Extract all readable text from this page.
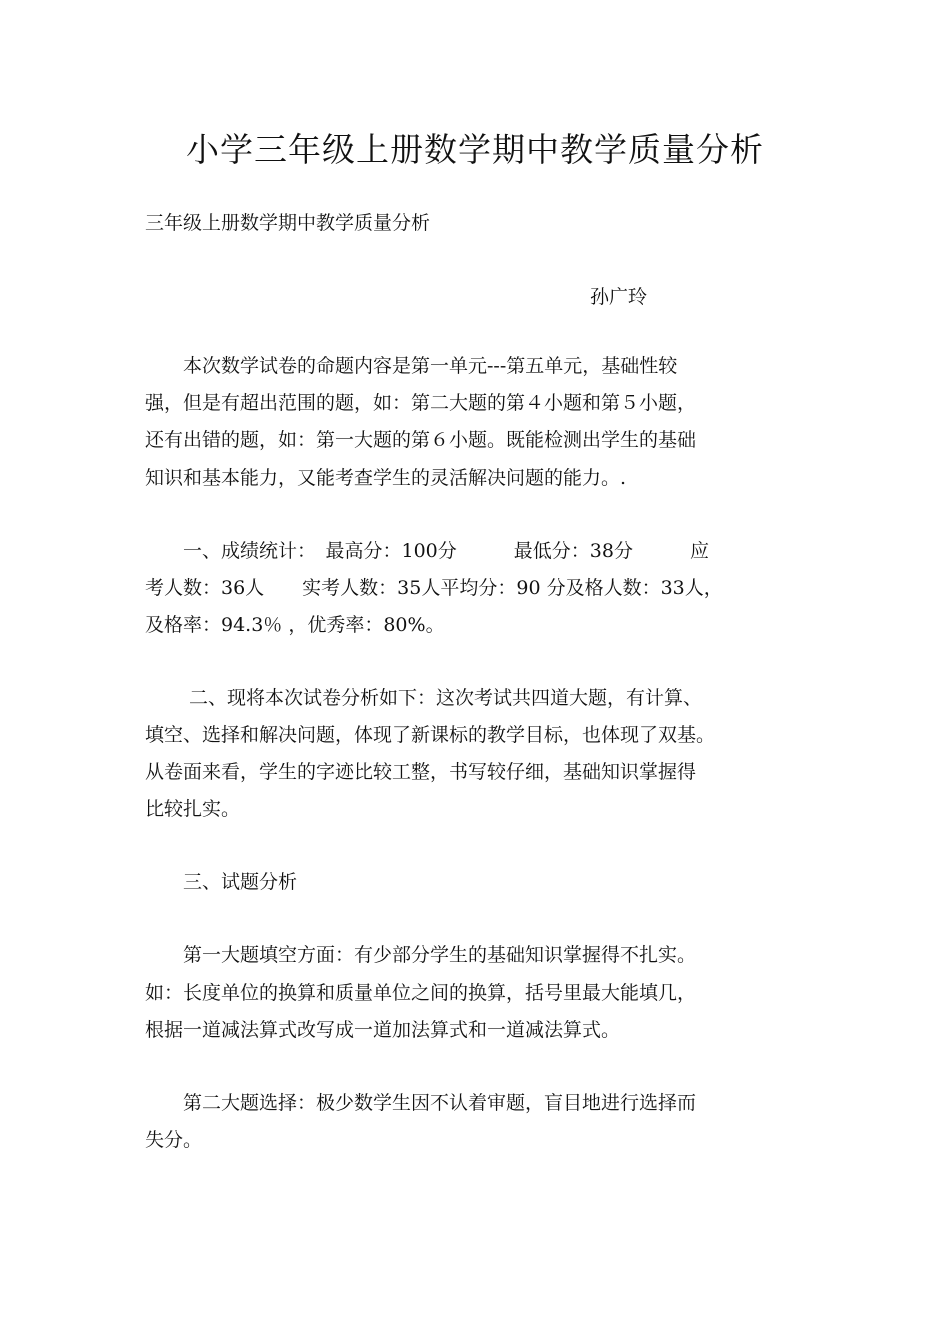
小学三年级上册数学期中教学质量分析

三年级上册数学期中教学质量分析

孙广玲

　　本次数学试卷的命题内容是第一单元---第五单元，基础性较

强，但是有超出范围的题，如：第二大题的第４小题和第５小题，

还有出错的题，如：第一大题的第６小题。既能检测出学生的基础

知识和基本能力，又能考查学生的灵活解决问题的能力。.

　　一、成绩统计：　最高分：100分　　　最低分：38分　　　应

考人数：36人　　实考人数：35人平均分：90 分及格人数：33人，

及格率：94.3％ ，优秀率：80%。

　　 二、现将本次试卷分析如下：这次考试共四道大题，有计算、

填空、选择和解决问题，体现了新课标的教学目标，也体现了双基。

从卷面来看，学生的字迹比较工整，书写较仔细，基础知识掌握得

比较扎实。

　　三、试题分析

　　第一大题填空方面：有少部分学生的基础知识掌握得不扎实。

如：长度单位的换算和质量单位之间的换算，括号里最大能填几，

根据一道减法算式改写成一道加法算式和一道减法算式。

　　第二大题选择：极少数学生因不认着审题，盲目地进行选择而

失分。
